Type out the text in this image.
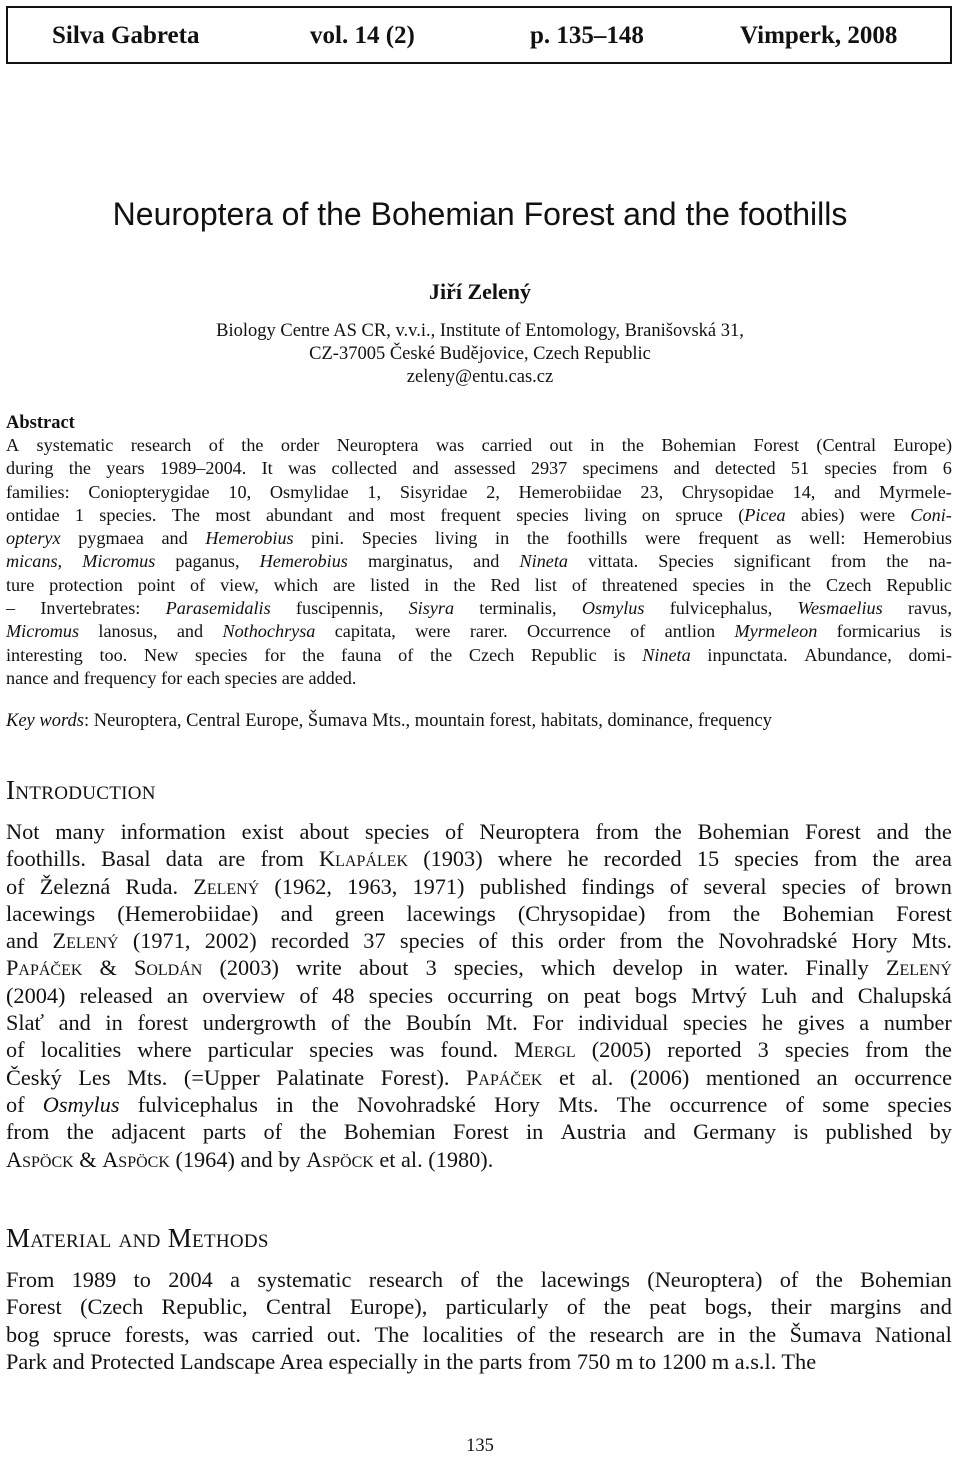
Silva Gabreta	vol. 14 (2)	p. 135–148	Vimperk, 2008
Neuroptera of the Bohemian Forest and the foothills
Jiří Zelený
Biology Centre AS CR, v.v.i., Institute of Entomology, Branišovská 31,
CZ-37005 České Budějovice, Czech Republic
zeleny@entu.cas.cz
Abstract
A systematic research of the order Neuroptera was carried out in the Bohemian Forest (Central Europe)
during the years 1989–2004. It was collected and assessed 2937 specimens and detected 51 species from 6
families: Coniopterygidae 10, Osmylidae 1, Sisyridae 2, Hemerobiidae 23, Chrysopidae 14, and Myrmele-
ontidae 1 species. The most abundant and most frequent species living on spruce (Picea abies) were Coni-
opteryx pygmaea and Hemerobius pini. Species living in the foothills were frequent as well: Hemerobius
micans, Micromus paganus, Hemerobius marginatus, and Nineta vittata. Species significant from the na-
ture protection point of view, which are listed in the Red list of threatened species in the Czech Republic
– Invertebrates: Parasemidalis fuscipennis, Sisyra terminalis, Osmylus fulvicephalus, Wesmaelius ravus,
Micromus lanosus, and Nothochrysa capitata, were rarer. Occurrence of antlion Myrmeleon formicarius is
interesting too. New species for the fauna of the Czech Republic is Nineta inpunctata. Abundance, domi-
nance and frequency for each species are added.
Key words: Neuroptera, Central Europe, Šumava Mts., mountain forest, habitats, dominance, frequency
Introduction
Not many information exist about species of Neuroptera from the Bohemian Forest and the
foothills. Basal data are from Klapálek (1903) where he recorded 15 species from the area
of Železná Ruda. Zelený (1962, 1963, 1971) published findings of several species of brown
lacewings (Hemerobiidae) and green lacewings (Chrysopidae) from the Bohemian Forest
and Zelený (1971, 2002) recorded 37 species of this order from the Novohradské Hory Mts.
Papáček & Soldán (2003) write about 3 species, which develop in water. Finally Zelený
(2004) released an overview of 48 species occurring on peat bogs Mrtvý Luh and Chalupská
Slať and in forest undergrowth of the Boubín Mt. For individual species he gives a number
of localities where particular species was found. Mergl (2005) reported 3 species from the
Český Les Mts. (=Upper Palatinate Forest). Papáček et al. (2006) mentioned an occurrence
of Osmylus fulvicephalus in the Novohradské Hory Mts. The occurrence of some species
from the adjacent parts of the Bohemian Forest in Austria and Germany is published by
Aspöck & Aspöck (1964) and by Aspöck et al. (1980).
Material and Methods
From 1989 to 2004 a systematic research of the lacewings (Neuroptera) of the Bohemian
Forest (Czech Republic, Central Europe), particularly of the peat bogs, their margins and
bog spruce forests, was carried out. The localities of the research are in the Šumava National
Park and Protected Landscape Area especially in the parts from 750 m to 1200 m a.s.l. The
135
